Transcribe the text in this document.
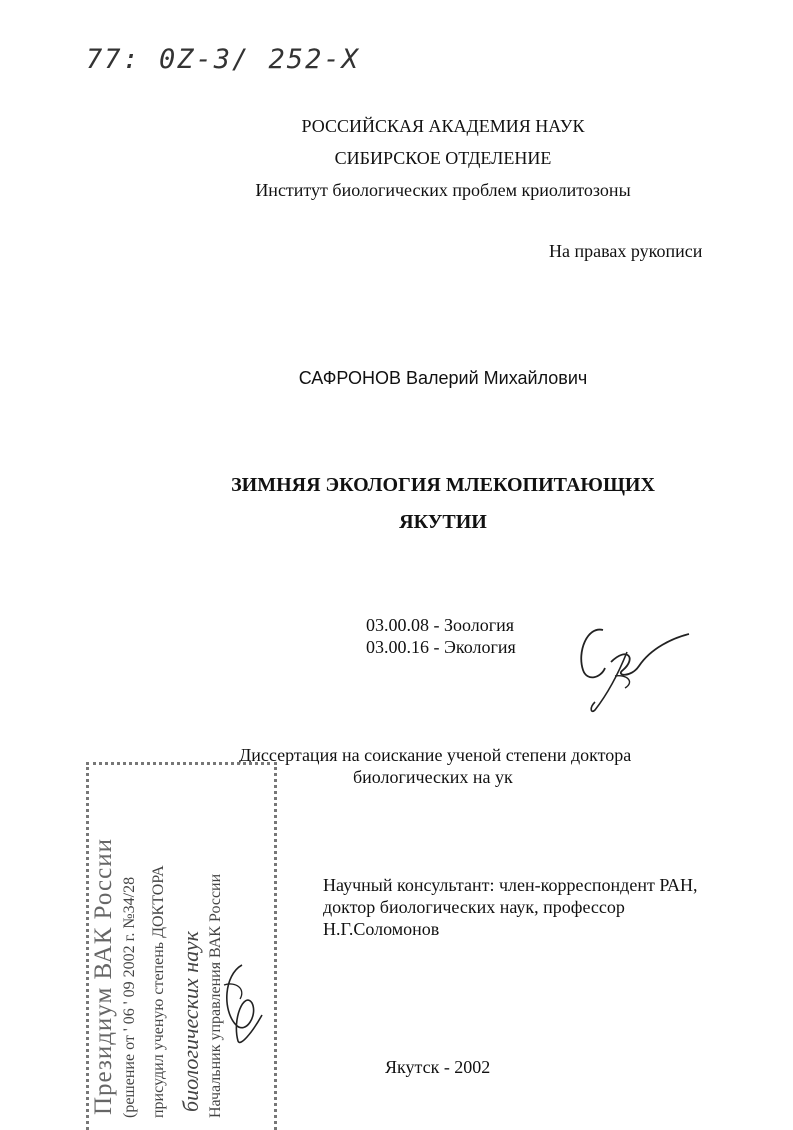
77: 0Z-3/ 252-X
РОССИЙСКАЯ АКАДЕМИЯ НАУК
СИБИРСКОЕ ОТДЕЛЕНИЕ
Институт биологических проблем криолитозоны
На правах рукописи
САФРОНОВ Валерий Михайлович
ЗИМНЯЯ ЭКОЛОГИЯ МЛЕКОПИТАЮЩИХ
ЯКУТИИ
03.00.08 - Зоология
03.00.16 - Экология
Диссертация на соискание ученой степени доктора
биологических на ук
Научный консультант: член-корреспондент РАН,
доктор биологических наук, профессор
Н.Г.Соломонов
Якутск - 2002
Президиум ВАК России (решение от ' 06 ' 09 2002 г. №34/28 присудил ученую степень ДОКТОРА биологических наук Начальник управления ВАК России
